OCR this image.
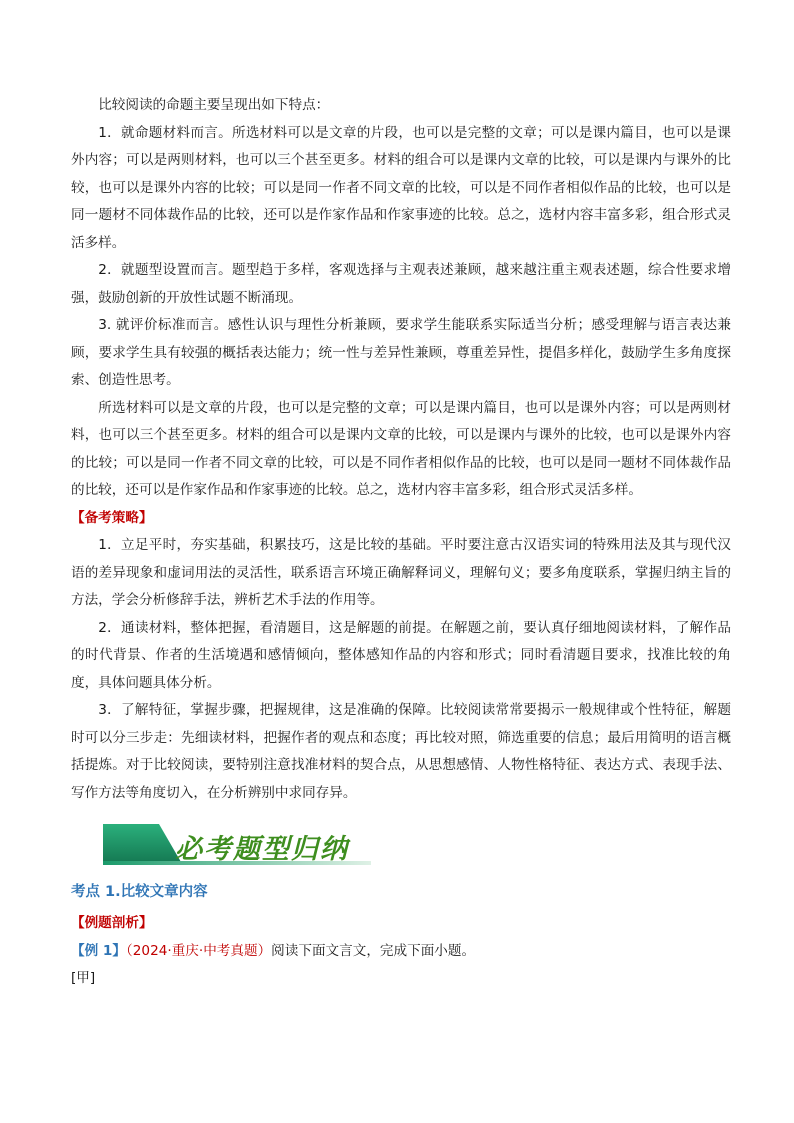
比较阅读的命题主要呈现出如下特点：

1．就命题材料而言。所选材料可以是文章的片段，也可以是完整的文章；可以是课内篇目，也可以是课外内容；可以是两则材料，也可以三个甚至更多。材料的组合可以是课内文章的比较，可以是课内与课外的比较，也可以是课外内容的比较；可以是同一作者不同文章的比较，可以是不同作者相似作品的比较，也可以是同一题材不同体裁作品的比较，还可以是作家作品和作家事迹的比较。总之，选材内容丰富多彩，组合形式灵活多样。

2．就题型设置而言。题型趋于多样，客观选择与主观表述兼顾，越来越注重主观表述题，综合性要求增强，鼓励创新的开放性试题不断涌现。

3. 就评价标准而言。感性认识与理性分析兼顾，要求学生能联系实际适当分析；感受理解与语言表达兼顾，要求学生具有较强的概括表达能力；统一性与差异性兼顾，尊重差异性，提倡多样化，鼓励学生多角度探索、创造性思考。

所选材料可以是文章的片段，也可以是完整的文章；可以是课内篇目，也可以是课外内容；可以是两则材料，也可以三个甚至更多。材料的组合可以是课内文章的比较，可以是课内与课外的比较，也可以是课外内容的比较；可以是同一作者不同文章的比较，可以是不同作者相似作品的比较，也可以是同一题材不同体裁作品的比较，还可以是作家作品和作家事迹的比较。总之，选材内容丰富多彩，组合形式灵活多样。

【备考策略】

1．立足平时，夯实基础，积累技巧，这是比较的基础。平时要注意古汉语实词的特殊用法及其与现代汉语的差异现象和虚词用法的灵活性，联系语言环境正确解释词义，理解句义；要多角度联系，掌握归纳主旨的方法，学会分析修辞手法，辨析艺术手法的作用等。

2．通读材料，整体把握，看清题目，这是解题的前提。在解题之前，要认真仔细地阅读材料，了解作品的时代背景、作者的生活境遇和感情倾向，整体感知作品的内容和形式；同时看清题目要求，找准比较的角度，具体问题具体分析。

3．了解特征，掌握步骤，把握规律，这是准确的保障。比较阅读常常要揭示一般规律或个性特征，解题时可以分三步走：先细读材料，把握作者的观点和态度；再比较对照，筛选重要的信息；最后用简明的语言概括提炼。对于比较阅读，要特别注意找准材料的契合点，从思想感情、人物性格特征、表达方式、表现手法、写作方法等角度切入，在分析辨别中求同存异。

必考题型归纳
考点 1.比较文章内容

【例题剖析】

【例 1】（2024·重庆·中考真题）阅读下面文言文，完成下面小题。
[甲]
